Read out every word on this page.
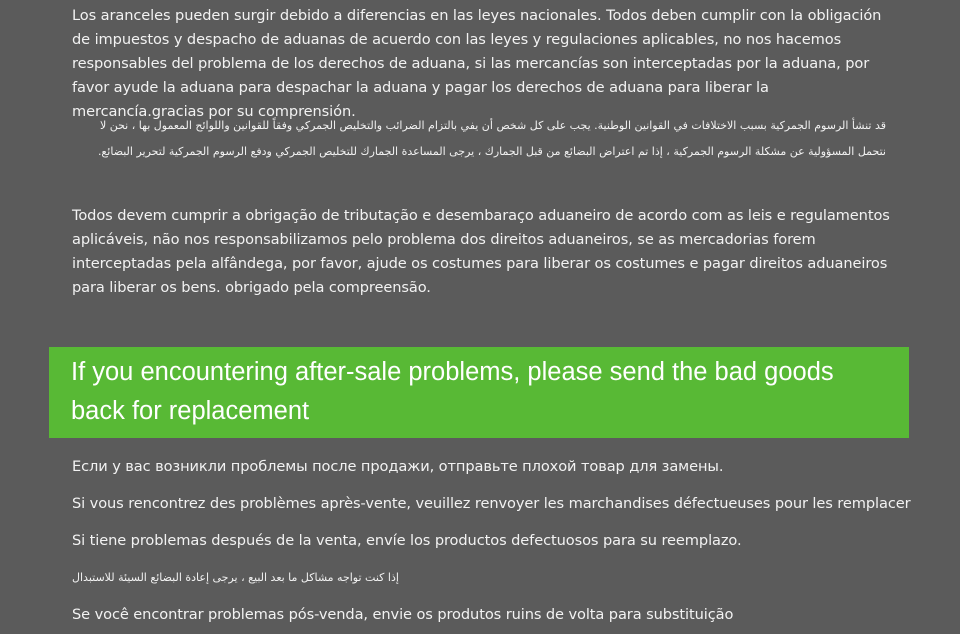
Los aranceles pueden surgir debido a diferencias en las leyes nacionales. Todos deben cumplir con la obligación de impuestos y despacho de aduanas de acuerdo con las leyes y regulaciones aplicables, no nos hacemos responsables del problema de los derechos de aduana, si las mercancías son interceptadas por la aduana, por favor ayude la aduana para despachar la aduana y pagar los derechos de aduana para liberar la mercancía.gracias por su comprensión.

قد تنشأ الرسوم الجمركية بسبب الاختلافات في القوانين الوطنية. يجب على كل شخص أن يفي بالتزام الضرائب والتخليص الجمركي وفقاً للقوانين واللوائح المعمول بها ، نحن لا نتحمل المسؤولية عن مشكلة الرسوم الجمركية ، إذا تم اعتراض البضائع من قبل الجمارك ، يرجى المساعدة الجمارك للتخليص الجمركي ودفع الرسوم الجمركية لتحرير البضائع.

Todos devem cumprir a obrigação de tributação e desembaraço aduaneiro de acordo com as leis e regulamentos aplicáveis, não nos responsabilizamos pelo problema dos direitos aduaneiros, se as mercadorias forem interceptadas pela alfândega, por favor, ajude os costumes para liberar os costumes e pagar direitos aduaneiros para liberar os bens. obrigado pela compreensão.

If you encountering after-sale problems, please send the bad goods back for replacement

Если у вас возникли проблемы после продажи, отправьте плохой товар для замены.

Si vous rencontrez des problèmes après-vente, veuillez renvoyer les marchandises défectueuses pour les remplacer

Si tiene problemas después de la venta, envíe los productos defectuosos para su reemplazo.

إذا كنت تواجه مشاكل ما بعد البيع ، يرجى إعادة البضائع السيئة للاستبدال

Se você encontrar problemas pós-venda, envie os produtos ruins de volta para substituição
